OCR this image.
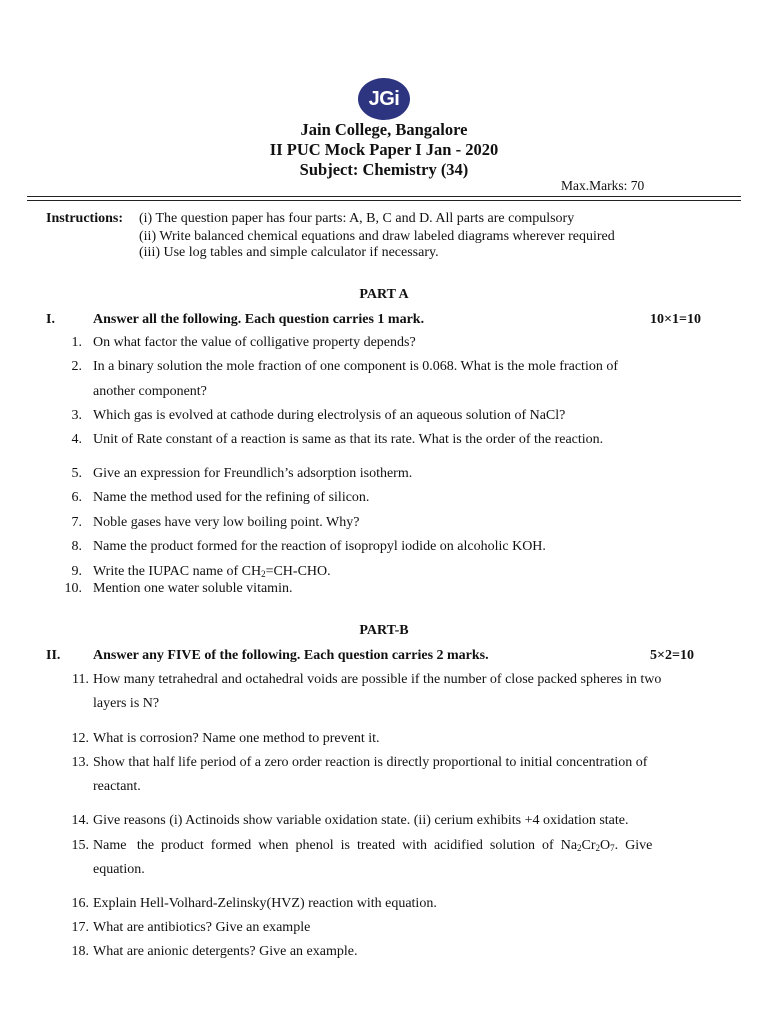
JGi
Jain College, Bangalore
II PUC Mock Paper I Jan - 2020
Subject: Chemistry (34)
Max.Marks: 70
Instructions: (i) The question paper has four parts: A, B, C and D. All parts are compulsory
(ii) Write balanced chemical equations and draw labeled diagrams wherever required
(iii) Use log tables and simple calculator if necessary.
PART A
I.	Answer all the following. Each question carries 1 mark.	10×1=10
1. On what factor the value of colligative property depends?
2. In a binary solution the mole fraction of one component is 0.068. What is the mole fraction of
another component?
3. Which gas is evolved at cathode during electrolysis of an aqueous solution of NaCl?
4. Unit of Rate constant of a reaction is same as that its rate. What is the order of the reaction.
5. Give an expression for Freundlich’s adsorption isotherm.
6. Name the method used for the refining of silicon.
7. Noble gases have very low boiling point. Why?
8. Name the product formed for the reaction of isopropyl iodide on alcoholic KOH.
9. Write the IUPAC name of $CH_2=CH$-CHO.
10. Mention one water soluble vitamin.
PART-B
II. Answer any FIVE of the following. Each question carries 2 marks.	5×2=10
11. How many tetrahedral and octahedral voids are possible if the number of close packed spheres in two
layers is N?
12. What is corrosion? Name one method to prevent it.
13. Show that half life period of a zero order reaction is directly proportional to initial concentration of
reactant.
14. Give reasons (i) Actinoids show variable oxidation state. (ii) cerium exhibits +4 oxidation state.
15. Name   the  product  formed  when  phenol  is  treated  with  acidified  solution  of  $Na_2Cr_2O_7$.  Give
equation.
16. Explain Hell-Volhard-Zelinsky(HVZ) reaction with equation.
17. What are antibiotics? Give an example
18. What are anionic detergents? Give an example.
